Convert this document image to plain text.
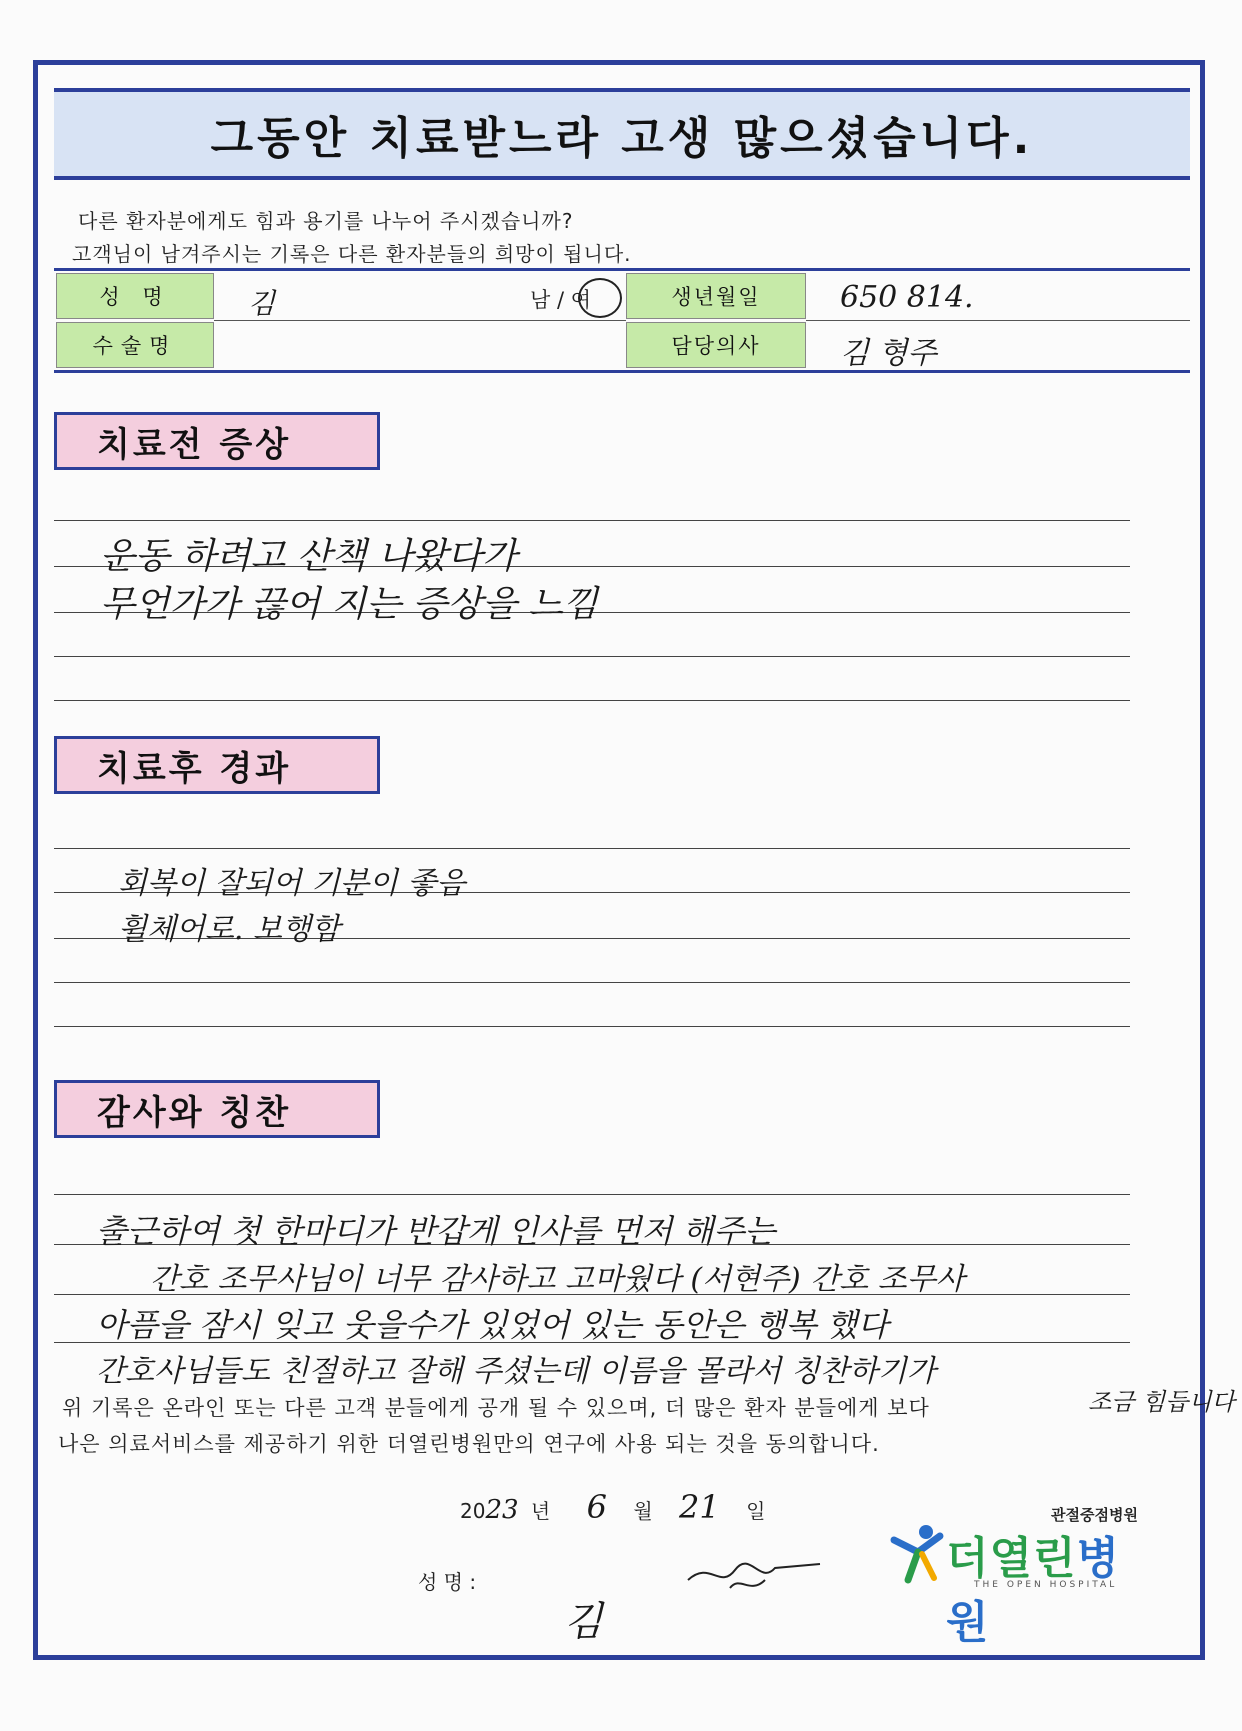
그동안 치료받느라 고생 많으셨습니다.
다른 환자분에게도 힘과 용기를 나누어 주시겠습니까?
고객님이 남겨주시는 기록은 다른 환자분들의 희망이 됩니다.
성 명
수술명
생년월일
담당의사
김	남 / 여	650 814.
김 형주
치료전 증상
운동 하려고 산책 나왔다가
무언가가 끊어 지는 증상을 느낌
치료후 경과
회복이 잘되어 기분이 좋음
휠체어로. 보행함
감사와 칭찬
출근하여 첫 한마디가 반갑게 인사를 먼저 해주는
간호 조무사님이 너무 감사하고 고마웠다 (서현주) 간호 조무사
아픔을 잠시 잊고 웃을수가 있었어 있는 동안은 행복 했다
간호사님들도 친절하고 잘해 주셨는데 이름을 몰라서 칭찬하기가
조금 힘듭니다
위 기록은 온라인 또는 다른 고객 분들에게 공개 될 수 있으며, 더 많은 환자 분들에게 보다
나은 의료서비스를 제공하기 위한 더열린병원만의 연구에 사용 되는 것을 동의합니다.
2023 년 6 월 21 일
성 명 :
김
관절중점병원
더열린병원
THE OPEN HOSPITAL
